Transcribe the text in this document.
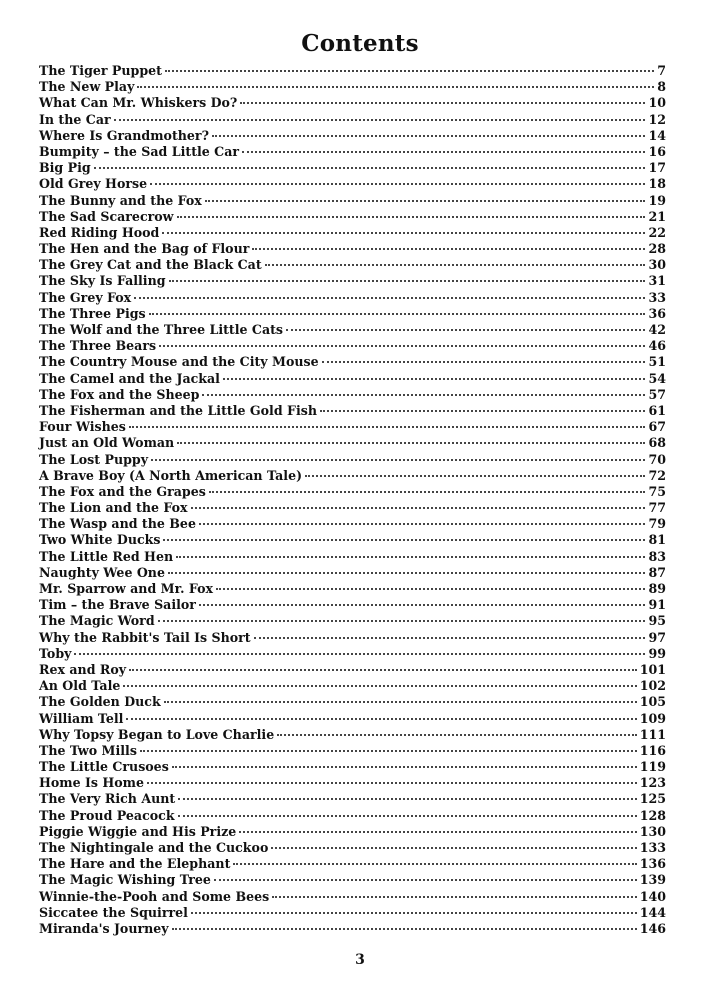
Contents
The Tiger Puppet	7
The New Play	8
What Can Mr. Whiskers Do?	10
In the Car	12
Where Is Grandmother?	14
Bumpity – the Sad Little Car	16
Big Pig	17
Old Grey Horse	18
The Bunny and the Fox	19
The Sad Scarecrow	21
Red Riding Hood	22
The Hen and the Bag of Flour	28
The Grey Cat and the Black Cat	30
The Sky Is Falling	31
The Grey Fox	33
The Three Pigs	36
The Wolf and the Three Little Cats	42
The Three Bears	46
The Country Mouse and the City Mouse	51
The Camel and the Jackal	54
The Fox and the Sheep	57
The Fisherman and the Little Gold Fish	61
Four Wishes	67
Just an Old Woman	68
The Lost Puppy	70
A Brave Boy (A North American Tale)	72
The Fox and the Grapes	75
The Lion and the Fox	77
The Wasp and the Bee	79
Two White Ducks	81
The Little Red Hen	83
Naughty Wee One	87
Mr. Sparrow and Mr. Fox	89
Tim – the Brave Sailor	91
The Magic Word	95
Why the Rabbit's Tail Is Short	97
Toby	99
Rex and Roy	101
An Old Tale	102
The Golden Duck	105
William Tell	109
Why Topsy Began to Love Charlie	111
The Two Mills	116
The Little Crusoes	119
Home Is Home	123
The Very Rich Aunt	125
The Proud Peacock	128
Piggie Wiggie and His Prize	130
The Nightingale and the Cuckoo	133
The Hare and the Elephant	136
The Magic Wishing Tree	139
Winnie-the-Pooh and Some Bees	140
Siccatee the Squirrel	144
Miranda's Journey	146
3
